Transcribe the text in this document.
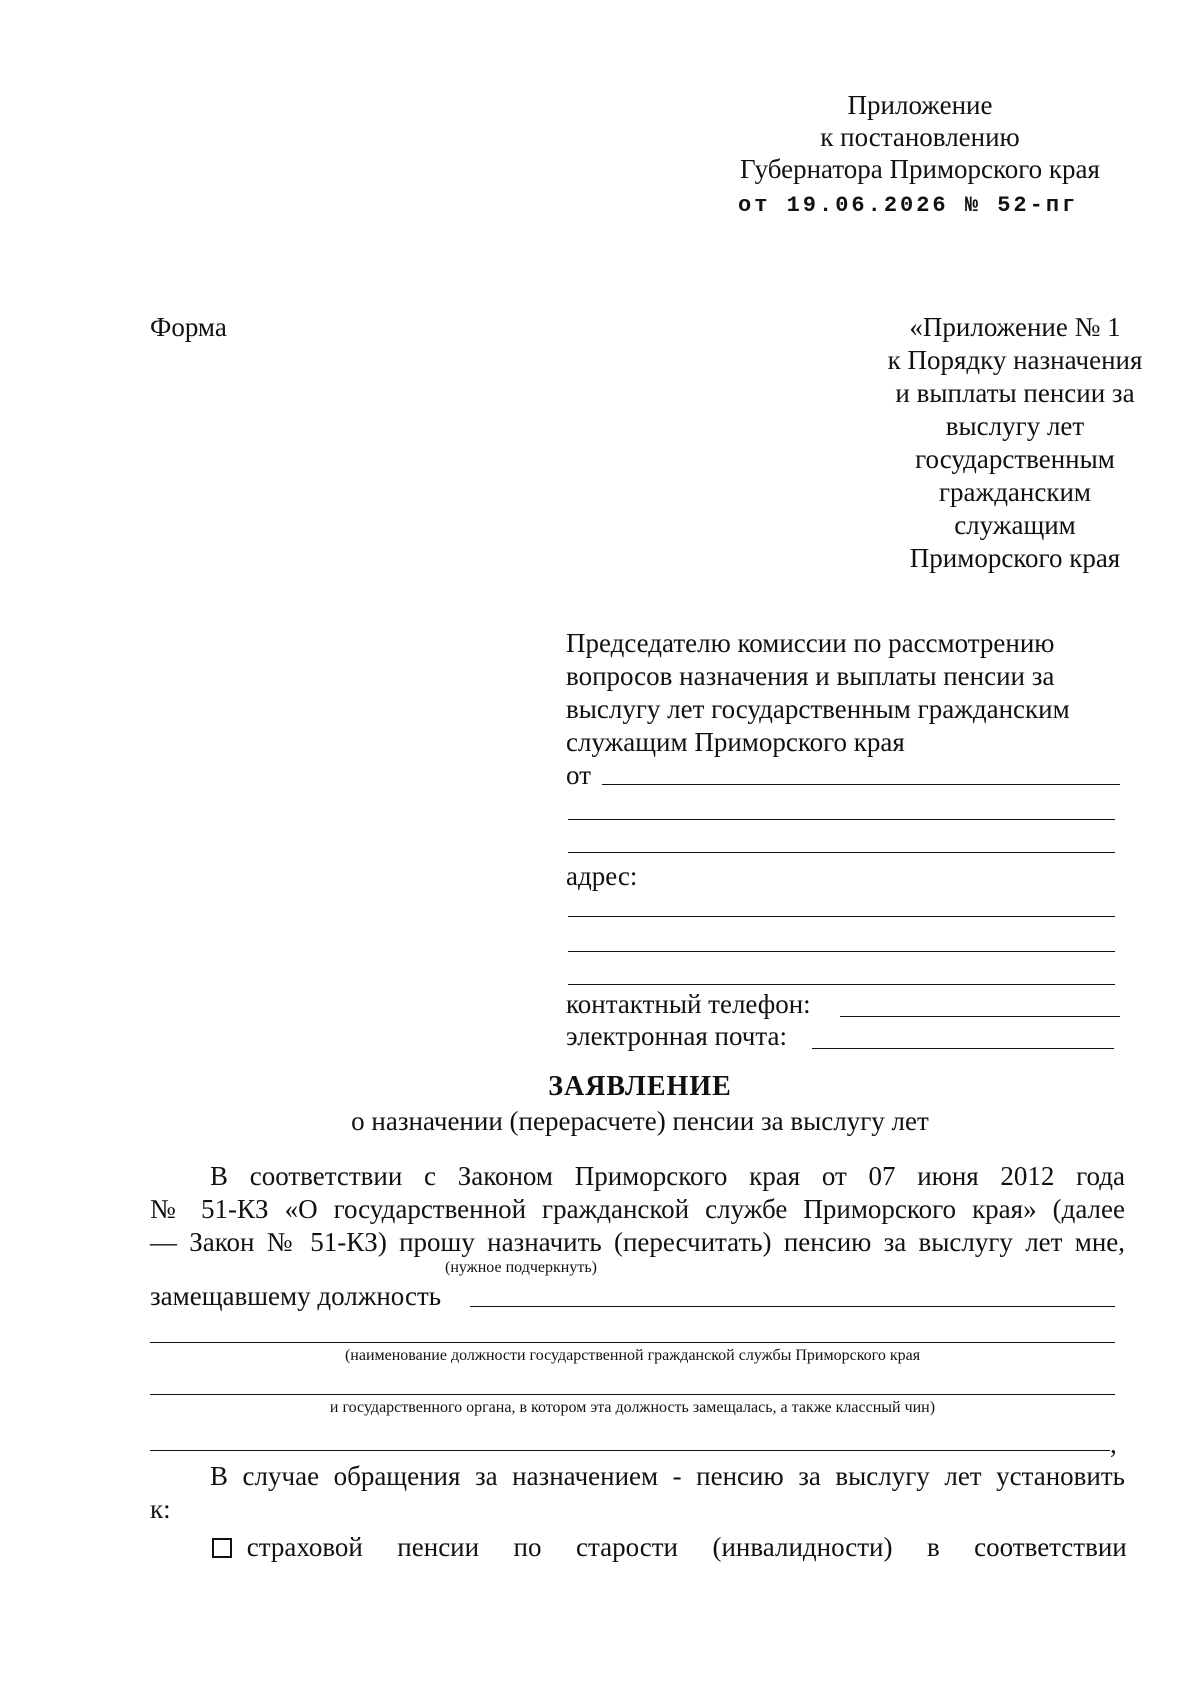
Приложение
к постановлению
Губернатора Приморского края
от 19.06.2026 № 52-пг
Форма	«Приложение № 1
к Порядку назначения
и выплаты пенсии за
выслугу лет
государственным
гражданским
служащим
Приморского края
Председателю комиссии по рассмотрению
вопросов назначения и выплаты пенсии за
выслугу лет государственным гражданским
служащим Приморского края
от
адрес:
контактный телефон:
электронная почта:
ЗАЯВЛЕНИЕ
о назначении (перерасчете) пенсии за выслугу лет
В соответствии с Законом Приморского края от 07 июня 2012 года
№ 51-КЗ «О государственной гражданской службе Приморского края» (далее
— Закон № 51-КЗ) прошу назначить (пересчитать) пенсию за выслугу лет мне,
(нужное подчеркнуть)
замещавшему должность
(наименование должности государственной гражданской службы Приморского края
и государственного органа, в котором эта должность замещалась, а также классный чин)
,
В случае обращения за назначением - пенсию за выслугу лет установить
к:
страховой пенсии по старости (инвалидности) в соответствии
